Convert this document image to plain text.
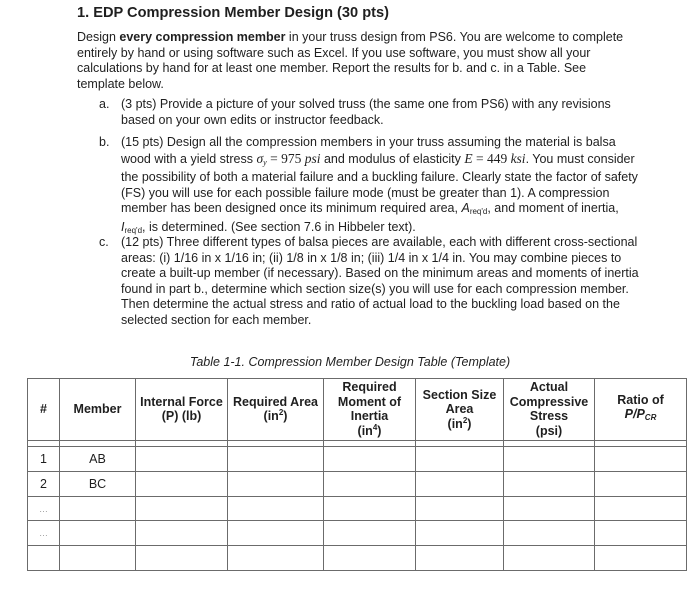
1. EDP Compression Member Design (30 pts)

Design every compression member in your truss design from PS6. You are welcome to complete entirely by hand or using software such as Excel. If you use software, you must show all your calculations by hand for at least one member. Report the results for b. and c. in a Table. See template below.

a. (3 pts) Provide a picture of your solved truss (the same one from PS6) with any revisions based on your own edits or instructor feedback.
b. (15 pts) Design all the compression members in your truss assuming the material is balsa wood with a yield stress $\sigma_y = 975$ psi and modulus of elasticity E = 449 ksi. You must consider the possibility of both a material failure and a buckling failure. Clearly state the factor of safety (FS) you will use for each possible failure mode (must be greater than 1). A compression member has been designed once its minimum required area, $A_{req'd}$, and moment of inertia, $I_{req'd}$, is determined. (See section 7.6 in Hibbeler text).
c. (12 pts) Three different types of balsa pieces are available, each with different cross-sectional areas: (i) 1/16 in x 1/16 in; (ii) 1/8 in x 1/8 in; (iii) 1/4 in x 1/4 in. You may combine pieces to create a built-up member (if necessary). Based on the minimum areas and moments of inertia found in part b., determine which section size(s) you will use for each compression member. Then determine the actual stress and ratio of actual load to the buckling load based on the selected section for each member.
Table 1-1. Compression Member Design Table (Template)
#	Member	Internal Force
(P) (lb)	Required Area
$(in^2)$	Required
Moment of
Inertia
$(in^4)$	Section Size
Area
$(in^2)$	Actual
Compressive
Stress
(psi)	Ratio of
$P/P_{CR}$

1	AB						
2	BC						
…							
…							
